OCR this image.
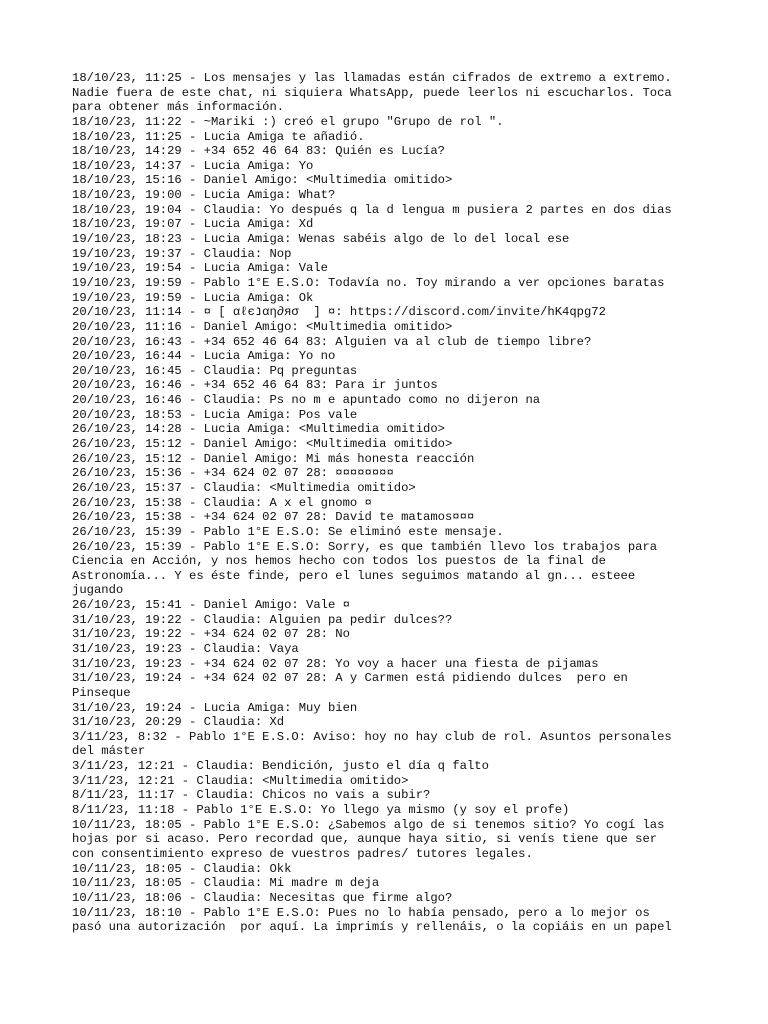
18/10/23, 11:25 - Los mensajes y las llamadas están cifrados de extremo a extremo.
Nadie fuera de este chat, ni siquiera WhatsApp, puede leerlos ni escucharlos. Toca
para obtener más información.
18/10/23, 11:22 - ~Mariki :) creó el grupo "Grupo de rol ".
18/10/23, 11:25 - Lucia Amiga te añadió.
18/10/23, 14:29 - +34 652 46 64 83: Quién es Lucía?
18/10/23, 14:37 - Lucia Amiga: Yo
18/10/23, 15:16 - Daniel Amigo: <Multimedia omitido>
18/10/23, 19:00 - Lucia Amiga: What?
18/10/23, 19:04 - Claudia: Yo después q la d lengua m pusiera 2 partes en dos dias
18/10/23, 19:07 - Lucia Amiga: Xd
19/10/23, 18:23 - Lucia Amiga: Wenas sabéis algo de lo del local ese
19/10/23, 19:37 - Claudia: Nop
19/10/23, 19:54 - Lucia Amiga: Vale
19/10/23, 19:59 - Pablo 1°E E.S.O: Todavía no. Toy mirando a ver opciones baratas
19/10/23, 19:59 - Lucia Amiga: Ok
20/10/23, 11:14 - ¤ [ αℓєנαη∂яσ  ] ¤: https://discord.com/invite/hK4qpg72
20/10/23, 11:16 - Daniel Amigo: <Multimedia omitido>
20/10/23, 16:43 - +34 652 46 64 83: Alguien va al club de tiempo libre?
20/10/23, 16:44 - Lucia Amiga: Yo no
20/10/23, 16:45 - Claudia: Pq preguntas
20/10/23, 16:46 - +34 652 46 64 83: Para ir juntos
20/10/23, 16:46 - Claudia: Ps no m e apuntado como no dijeron na
20/10/23, 18:53 - Lucia Amiga: Pos vale
26/10/23, 14:28 - Lucia Amiga: <Multimedia omitido>
26/10/23, 15:12 - Daniel Amigo: <Multimedia omitido>
26/10/23, 15:12 - Daniel Amigo: Mi más honesta reacción
26/10/23, 15:36 - +34 624 02 07 28: ¤¤¤¤¤¤¤¤
26/10/23, 15:37 - Claudia: <Multimedia omitido>
26/10/23, 15:38 - Claudia: A x el gnomo ¤
26/10/23, 15:38 - +34 624 02 07 28: David te matamos¤¤¤
26/10/23, 15:39 - Pablo 1°E E.S.O: Se eliminó este mensaje.
26/10/23, 15:39 - Pablo 1°E E.S.O: Sorry, es que también llevo los trabajos para
Ciencia en Acción, y nos hemos hecho con todos los puestos de la final de
Astronomía... Y es éste finde, pero el lunes seguimos matando al gn... esteee
jugando
26/10/23, 15:41 - Daniel Amigo: Vale ¤
31/10/23, 19:22 - Claudia: Alguien pa pedir dulces??
31/10/23, 19:22 - +34 624 02 07 28: No
31/10/23, 19:23 - Claudia: Vaya
31/10/23, 19:23 - +34 624 02 07 28: Yo voy a hacer una fiesta de pijamas
31/10/23, 19:24 - +34 624 02 07 28: A y Carmen está pidiendo dulces  pero en
Pinseque
31/10/23, 19:24 - Lucia Amiga: Muy bien
31/10/23, 20:29 - Claudia: Xd
3/11/23, 8:32 - Pablo 1°E E.S.O: Aviso: hoy no hay club de rol. Asuntos personales
del máster
3/11/23, 12:21 - Claudia: Bendición, justo el día q falto
3/11/23, 12:21 - Claudia: <Multimedia omitido>
8/11/23, 11:17 - Claudia: Chicos no vais a subir?
8/11/23, 11:18 - Pablo 1°E E.S.O: Yo llego ya mismo (y soy el profe)
10/11/23, 18:05 - Pablo 1°E E.S.O: ¿Sabemos algo de si tenemos sitio? Yo cogí las
hojas por si acaso. Pero recordad que, aunque haya sitio, si venís tiene que ser
con consentimiento expreso de vuestros padres/ tutores legales.
10/11/23, 18:05 - Claudia: Okk
10/11/23, 18:05 - Claudia: Mi madre m deja
10/11/23, 18:06 - Claudia: Necesitas que firme algo?
10/11/23, 18:10 - Pablo 1°E E.S.O: Pues no lo había pensado, pero a lo mejor os
pasó una autorización  por aquí. La imprimís y rellenáis, o la copiáis en un papel
